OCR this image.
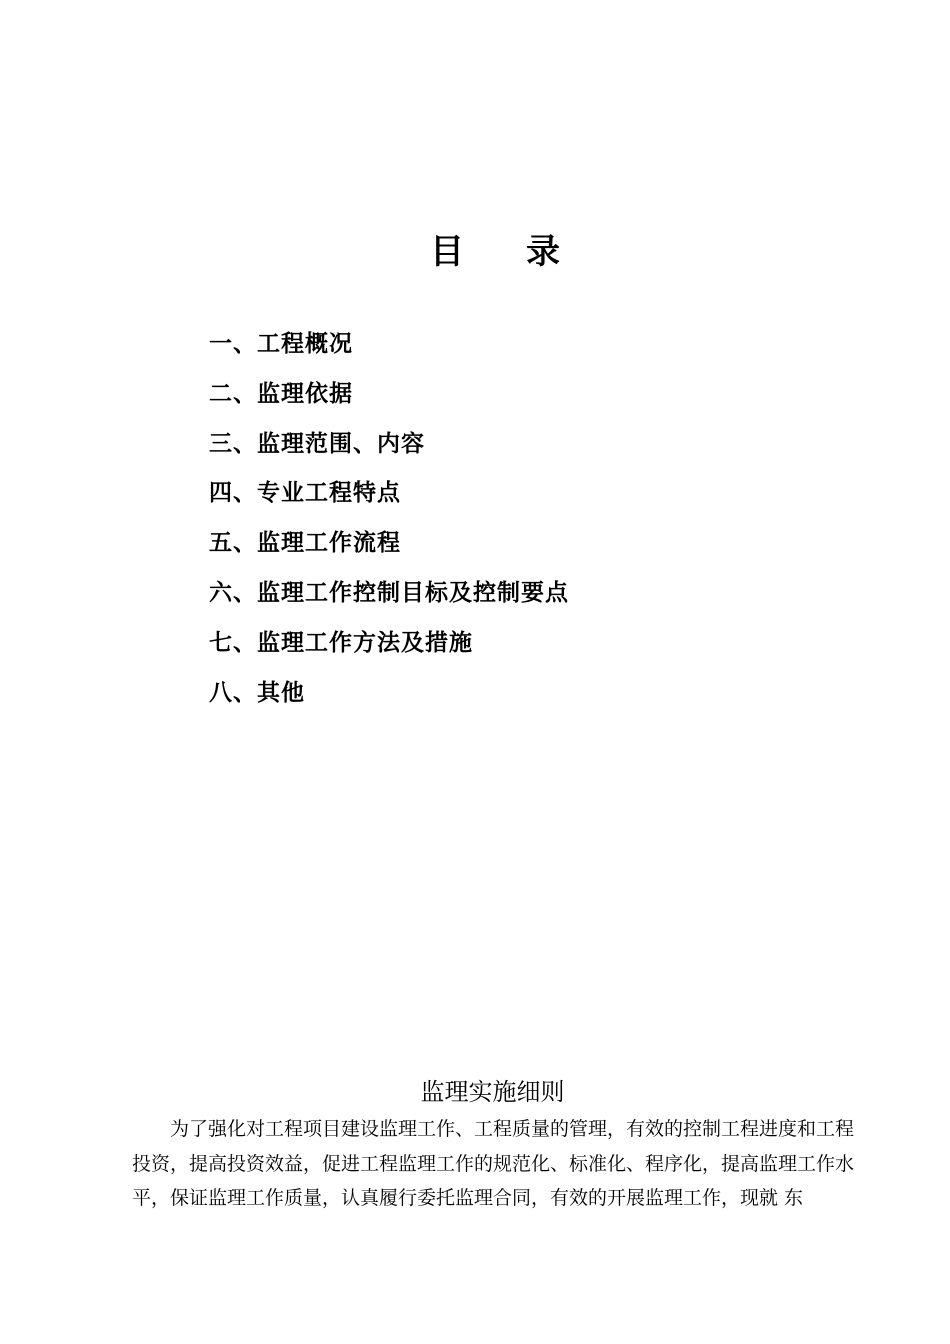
目 录
一、工程概况
二、监理依据
三、监理范围、内容
四、专业工程特点
五、监理工作流程
六、监理工作控制目标及控制要点
七、监理工作方法及措施
八、其他
监理实施细则

为了强化对工程项目建设监理工作、工程质量的管理，有效的控制工程进度和工程投资，提高投资效益，促进工程监理工作的规范化、标准化、程序化，提高监理工作水平，保证监理工作质量，认真履行委托监理合同，有效的开展监理工作，现就 东
